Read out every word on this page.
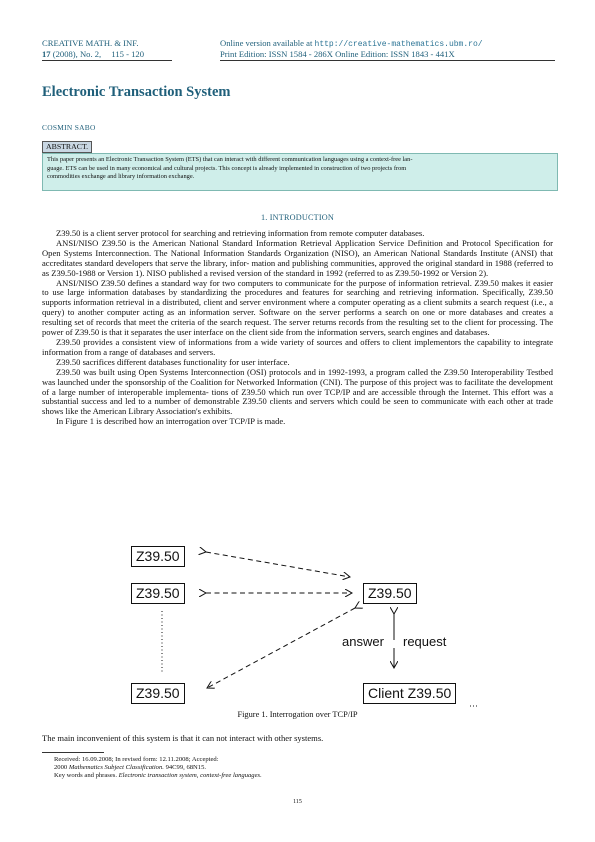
CREATIVE MATH. & INF.
17 (2008), No. 2, 115 - 120
Online version available at http://creative-mathematics.ubm.ro/
Print Edition: ISSN 1584 - 286X Online Edition: ISSN 1843 - 441X
Electronic Transaction System
COSMIN SABO
ABSTRACT.
This paper presents an Electronic Transaction System (ETS) that can interact with different communication languages using a context-free lan-
guage. ETS can be used in many economical and cultural projects. This concept is already implemented in construction of two projects from
commodities exchange and library information exchange.
1. INTRODUCTION

Z39.50 is a client server protocol for searching and retrieving information from remote computer databases.

ANSI/NISO Z39.50 is the American National Standard Information Retrieval Application Service Definition and Protocol Specification for Open Systems Interconnection. The National Information Standards Organization (NISO), an American National Standards Institute (ANSI) that accreditates standard developers that serve the library, infor- mation and publishing communities, approved the original standard in 1988 (referred to as Z39.50-1988 or Version 1). NISO published a revised version of the standard in 1992 (referred to as Z39.50-1992 or Version 2).

ANSI/NISO Z39.50 defines a standard way for two computers to communicate for the purpose of information retrieval. Z39.50 makes it easier to use large information databases by standardizing the procedures and features for searching and retrieving information. Specifically, Z39.50 supports information retrieval in a distributed, client and server environment where a computer operating as a client submits a search request (i.e., a query) to another computer acting as an information server. Software on the server performs a search on one or more databases and creates a resulting set of records that meet the criteria of the search request. The server returns records from the resulting set to the client for processing. The power of Z39.50 is that it separates the user interface on the client side from the information servers, search engines and databases.

Z39.50 provides a consistent view of informations from a wide variety of sources and offers to client implementors the capability to integrate information from a range of databases and servers.

Z39.50 sacrifices different databases functionality for user interface.

Z39.50 was built using Open Systems Interconnection (OSI) protocols and in 1992-1993, a program called the Z39.50 Interoperability Testbed was launched under the sponsorship of the Coalition for Networked Information (CNI). The purpose of this project was to facilitate the development of a large number of interoperable implementa- tions of Z39.50 which run over TCP/IP and are accessible through the Internet. This effort was a substantial success and led to a number of demonstrable Z39.50 clients and servers which could be seen to communicate with each other at trade shows like the American Library Association's exhibits.

In Figure 1 is described how an interrogation over TCP/IP is made.

Z39.50
Z39.50
Z39.50
Z39.50
Client Z39.50
answer request
Figure 1. Interrogation over TCP/IP
The main inconvenient of this system is that it can not interact with other systems.
Received: 16.09.2008; In revised form: 12.11.2008; Accepted:
2000 Mathematics Subject Classification. 94C99, 68N15.
Key words and phrases. Electronic transaction system, context-free languages.
115
